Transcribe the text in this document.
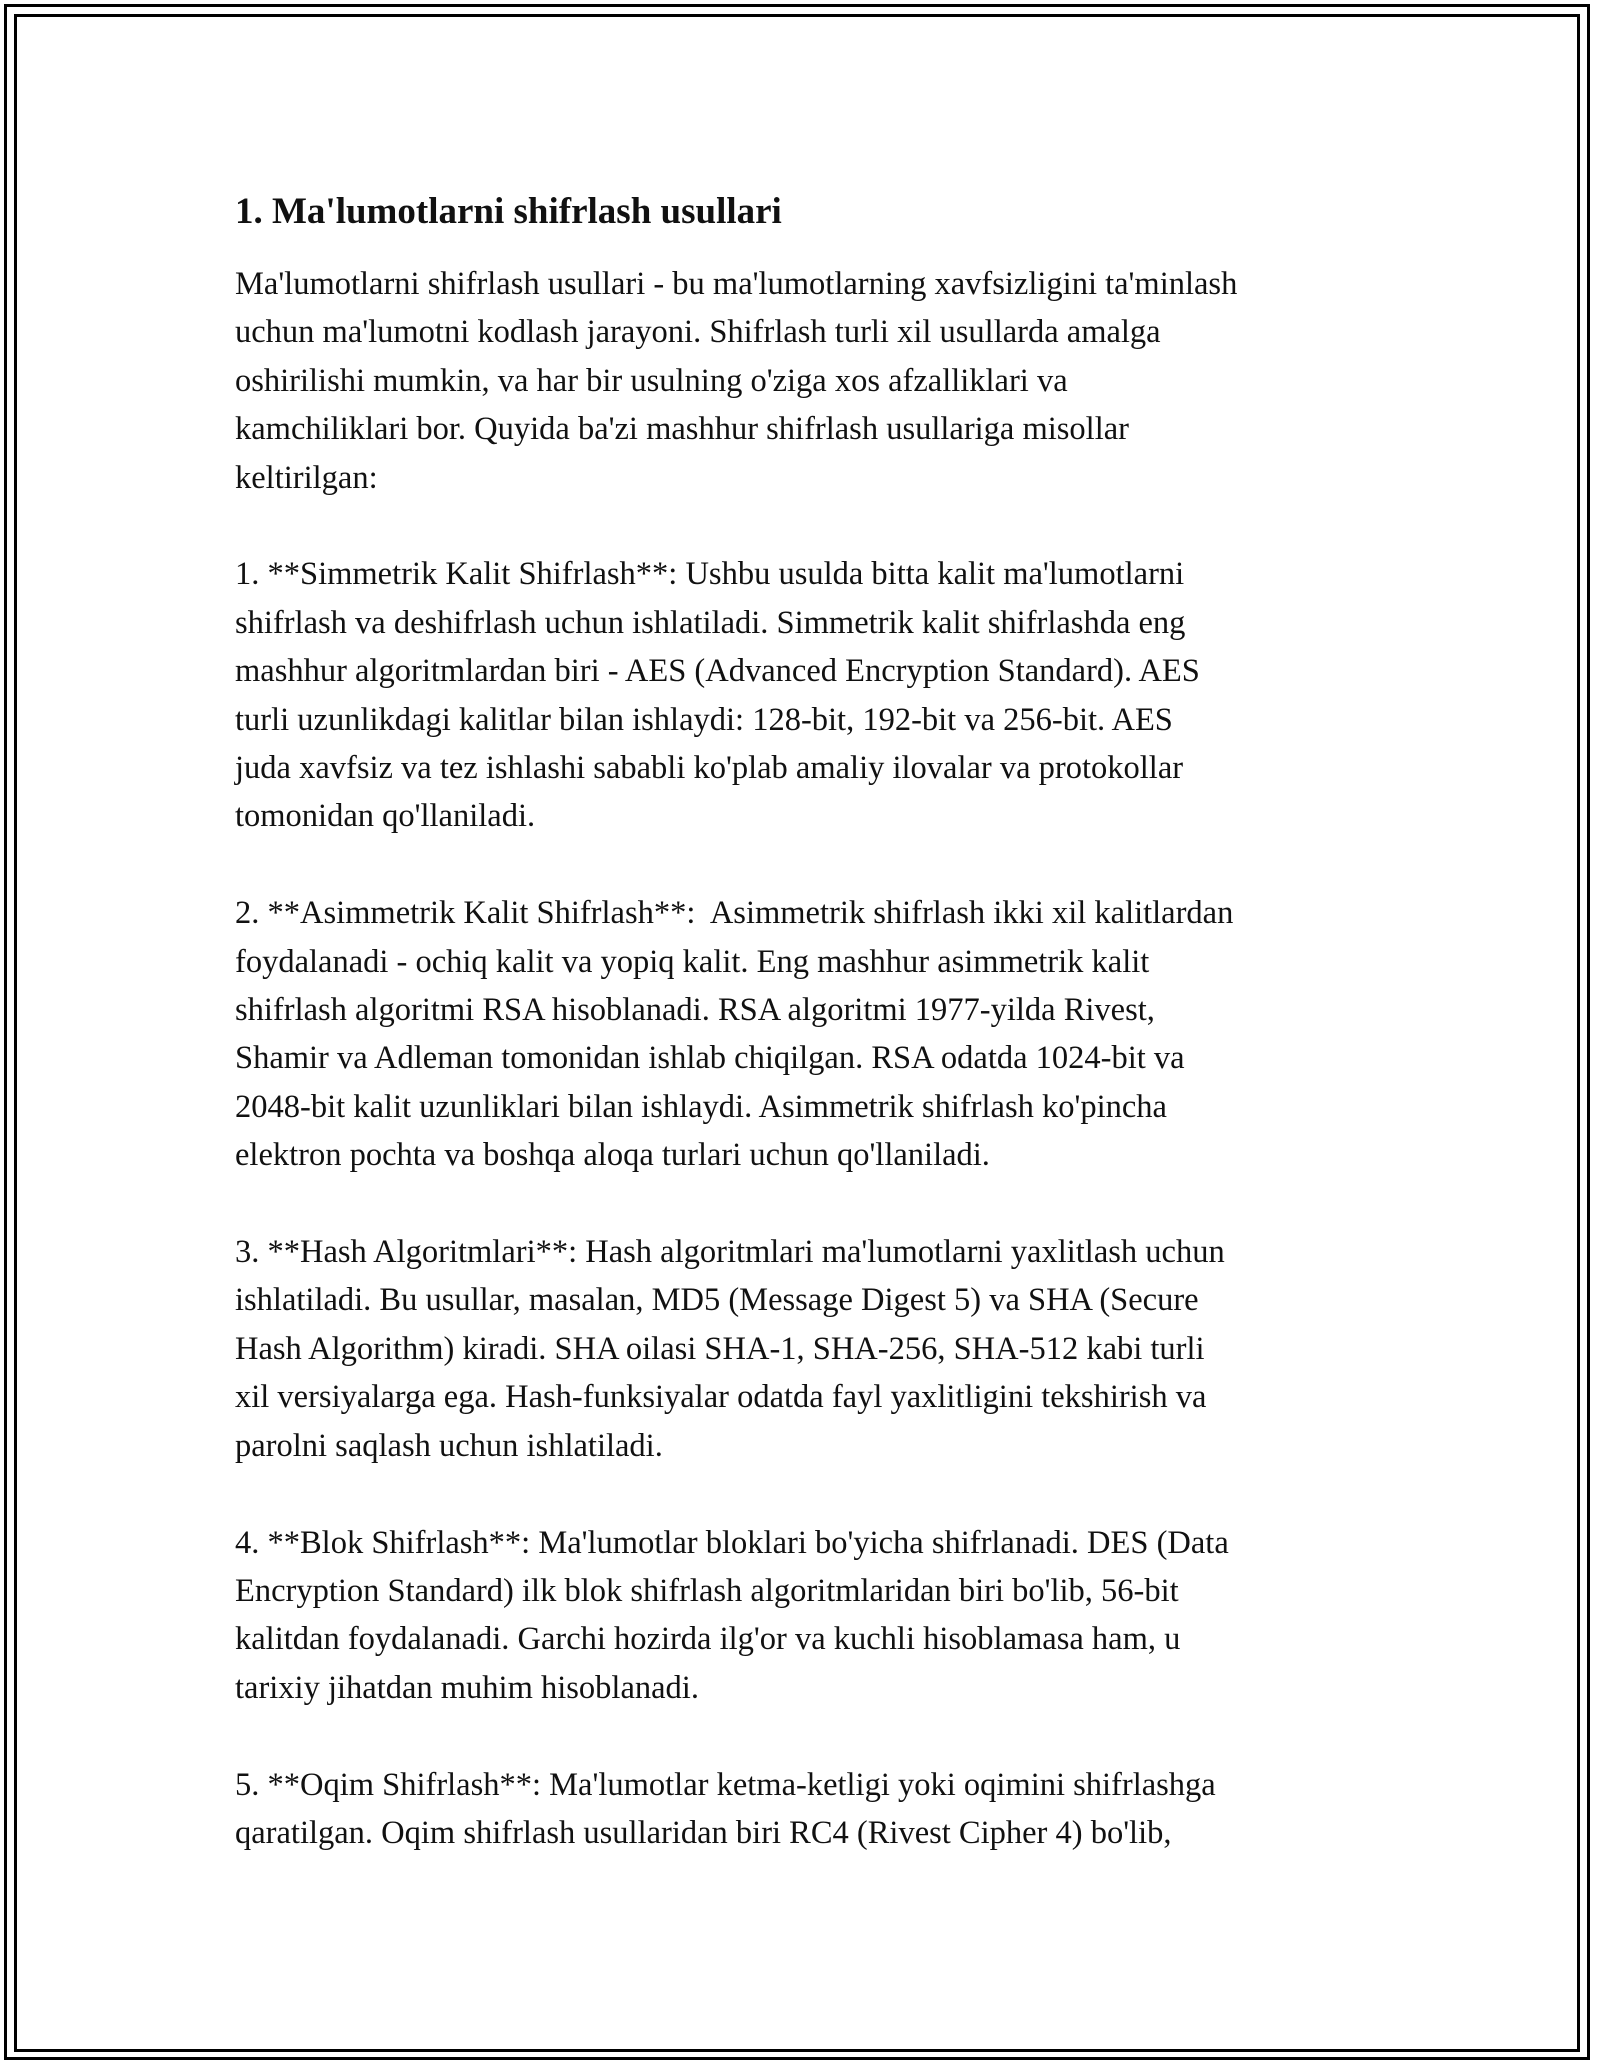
1. Ma'lumotlarni shifrlash usullari

Ma'lumotlarni shifrlash usullari - bu ma'lumotlarning xavfsizligini ta'minlash
uchun ma'lumotni kodlash jarayoni. Shifrlash turli xil usullarda amalga
oshirilishi mumkin, va har bir usulning o'ziga xos afzalliklari va
kamchiliklari bor. Quyida ba'zi mashhur shifrlash usullariga misollar
keltirilgan:

1. **Simmetrik Kalit Shifrlash**: Ushbu usulda bitta kalit ma'lumotlarni
shifrlash va deshifrlash uchun ishlatiladi. Simmetrik kalit shifrlashda eng
mashhur algoritmlardan biri - AES (Advanced Encryption Standard). AES
turli uzunlikdagi kalitlar bilan ishlaydi: 128-bit, 192-bit va 256-bit. AES
juda xavfsiz va tez ishlashi sababli ko'plab amaliy ilovalar va protokollar
tomonidan qo'llaniladi.

2. **Asimmetrik Kalit Shifrlash**:  Asimmetrik shifrlash ikki xil kalitlardan
foydalanadi - ochiq kalit va yopiq kalit. Eng mashhur asimmetrik kalit
shifrlash algoritmi RSA hisoblanadi. RSA algoritmi 1977-yilda Rivest,
Shamir va Adleman tomonidan ishlab chiqilgan. RSA odatda 1024-bit va
2048-bit kalit uzunliklari bilan ishlaydi. Asimmetrik shifrlash ko'pincha
elektron pochta va boshqa aloqa turlari uchun qo'llaniladi.

3. **Hash Algoritmlari**: Hash algoritmlari ma'lumotlarni yaxlitlash uchun
ishlatiladi. Bu usullar, masalan, MD5 (Message Digest 5) va SHA (Secure
Hash Algorithm) kiradi. SHA oilasi SHA-1, SHA-256, SHA-512 kabi turli
xil versiyalarga ega. Hash-funksiyalar odatda fayl yaxlitligini tekshirish va
parolni saqlash uchun ishlatiladi.

4. **Blok Shifrlash**: Ma'lumotlar bloklari bo'yicha shifrlanadi. DES (Data
Encryption Standard) ilk blok shifrlash algoritmlaridan biri bo'lib, 56-bit
kalitdan foydalanadi. Garchi hozirda ilg'or va kuchli hisoblamasa ham, u
tarixiy jihatdan muhim hisoblanadi.

5. **Oqim Shifrlash**: Ma'lumotlar ketma-ketligi yoki oqimini shifrlashga
qaratilgan. Oqim shifrlash usullaridan biri RC4 (Rivest Cipher 4) bo'lib,
